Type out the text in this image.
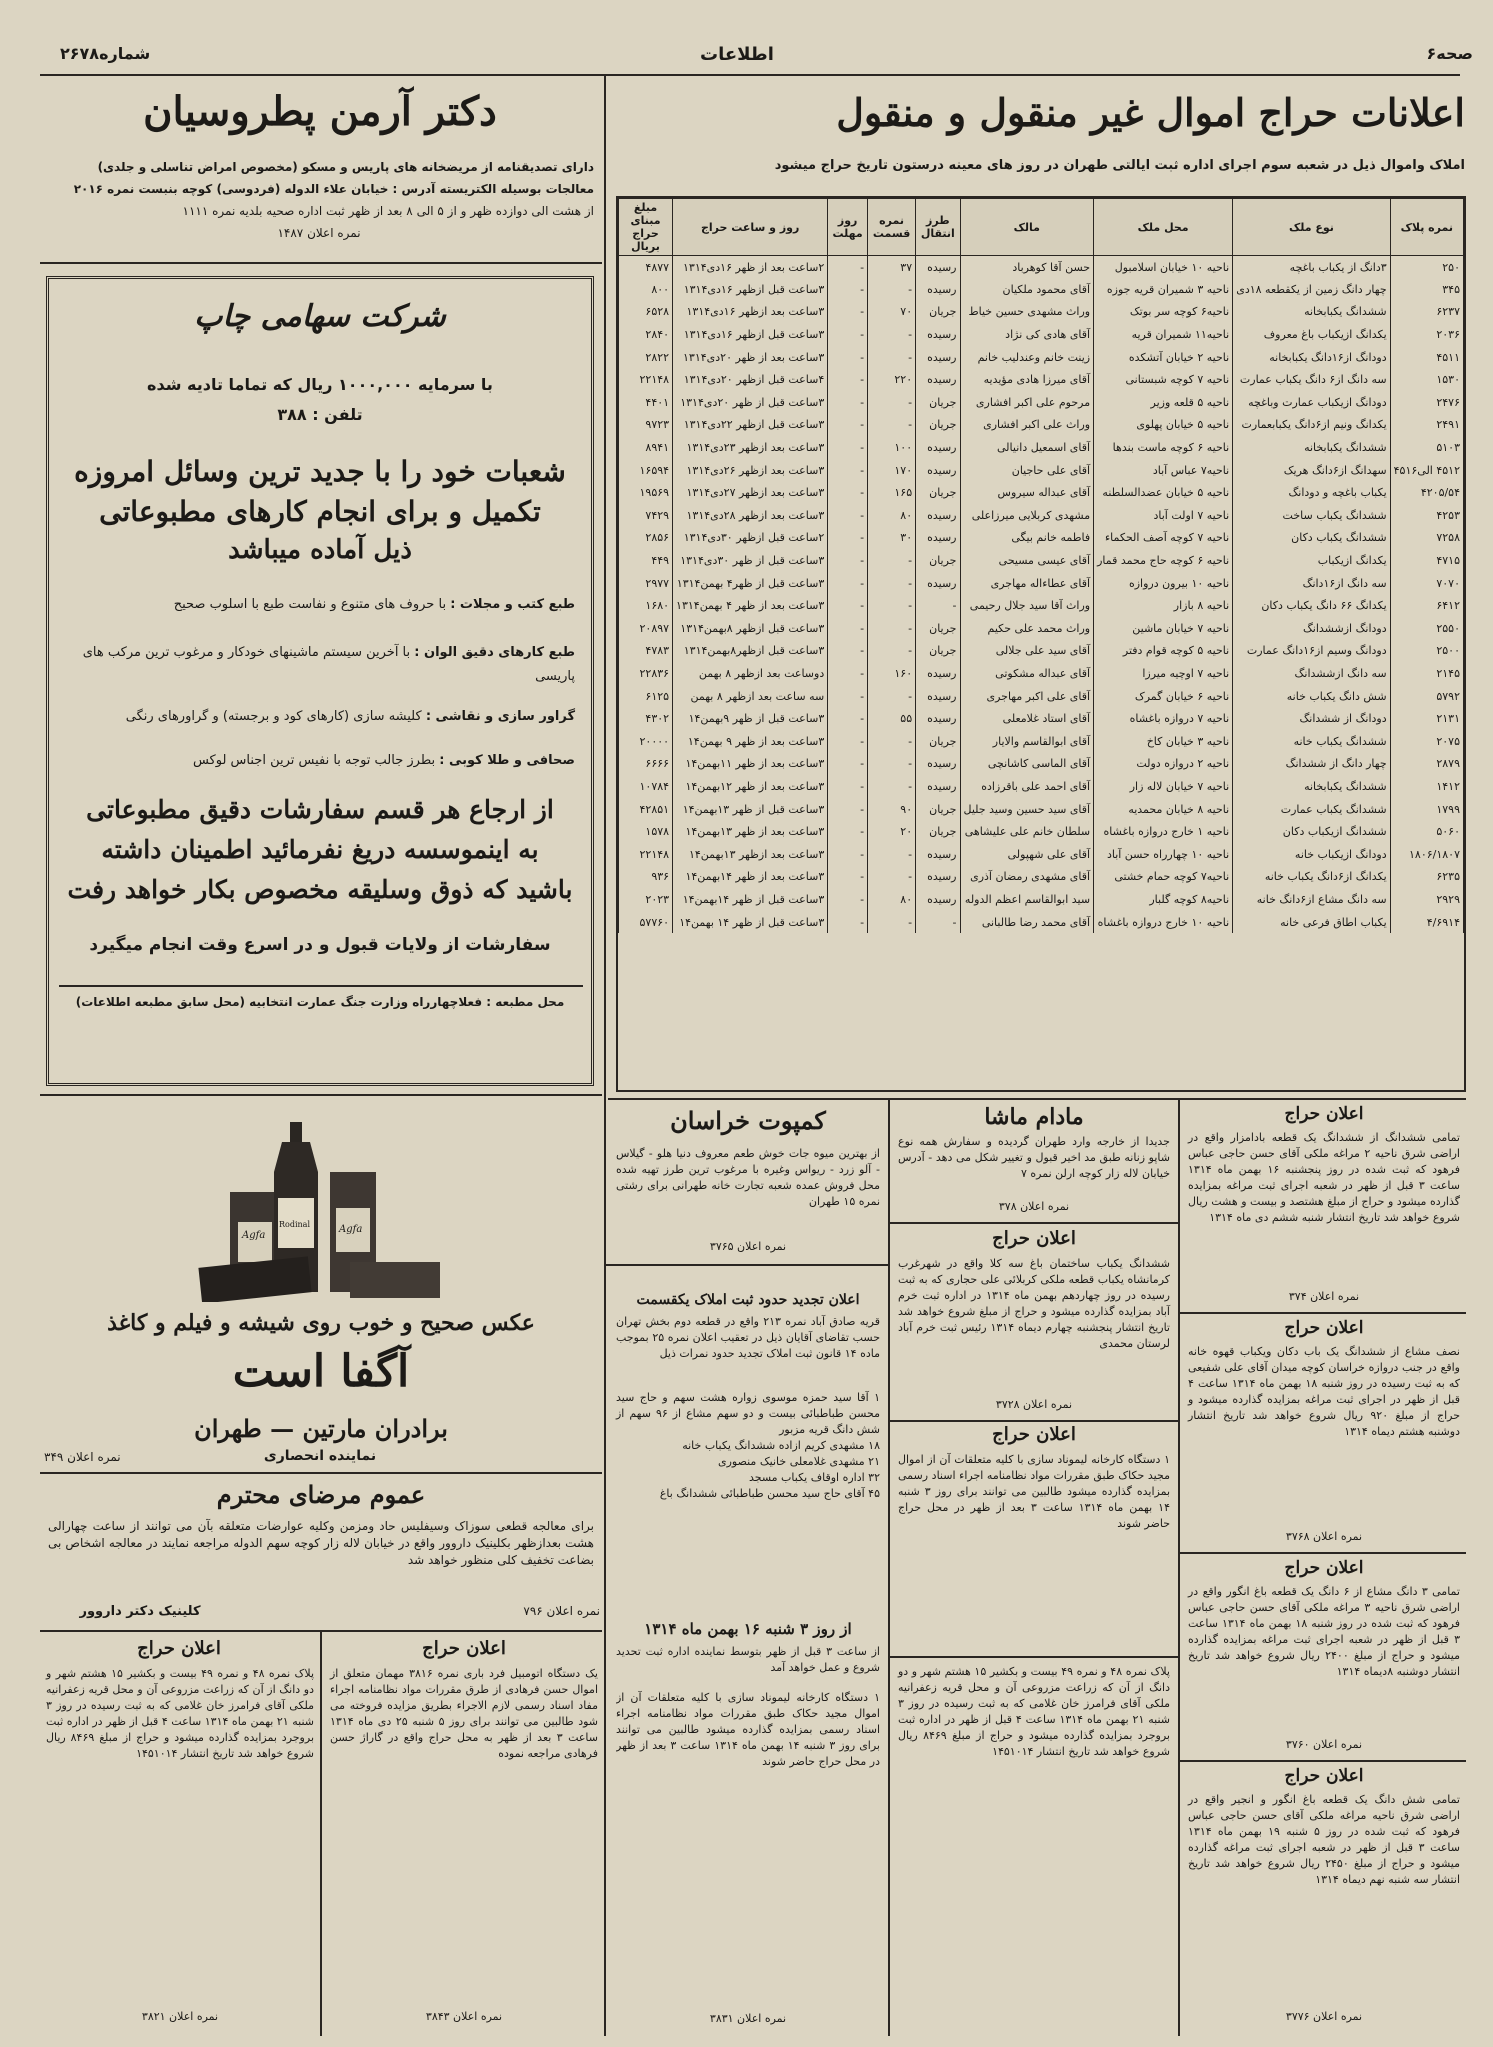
صحه۶
اطلاعات
شماره۲۶۷۸
اعلانات حراج اموال غیر منقول و منقول
املاک واموال ذیل در شعبه سوم اجرای اداره ثبت ایالتی طهران در روز های معینه درستون تاریخ حراج میشود
نمره پلاک	نوع ملک	محل ملک	مالک	طرز انتقال	نمره قسمت	روز مهلت	روز و ساعت حراج	مبلغ مبنای حراج بریال
۲۵۰	۳دانگ از یکباب باغچه	ناحیه ۱۰ خیابان اسلامبول	حسن آقا کوهرباد	رسیده	۳۷	-	۲ساعت بعد از ظهر ۱۶دی۱۳۱۴	۴۸۷۷
۳۴۵	چهار دانگ زمین از یکقطعه ۱۸دی	ناحیه ۳ شمیران قریه جوزه	آقای محمود ملکیان	رسیده	-	-	۳ساعت قبل ازظهر ۱۶دی۱۳۱۴	۸۰۰
۶۲۳۷	ششدانگ یکبابخانه	ناحیه۶ کوچه سر بوتک	وراث مشهدی حسین خیاط	جریان	۷۰	-	۳ساعت بعد ازظهر ۱۶دی۱۳۱۴	۶۵۲۸
۲۰۳۶	یکدانگ ازیکباب باغ معروف	ناحیه۱۱ شمیران قریه	آقای هادی کی نژاد	رسیده	-	-	۳ساعت قبل ازظهر ۱۶دی۱۳۱۴	۲۸۴۰
۴۵۱۱	دودانگ از۱۶دانگ یکبابخانه	ناحیه ۲ خیابان آتشکده	زینت خانم وعندلیب خانم	رسیده	-	-	۳ساعت بعد از ظهر ۲۰دی۱۳۱۴	۲۸۲۲
۱۵۳۰	سه دانگ از۶ دانگ یکباب عمارت	ناحیه ۷ کوچه شبستانی	آقای میرزا هادی مؤیدیه	رسیده	۲۲۰	-	۴ساعت قبل ازظهر ۲۰دی۱۳۱۴	۲۲۱۴۸
۲۴۷۶	دودانگ ازیکباب عمارت وباغچه	ناحیه ۵ قلعه وزیر	مرحوم علی اکبر افشاری	جریان	-	-	۳ساعت قبل از ظهر ۲۰دی۱۳۱۴	۴۴۰۱
۲۴۹۱	یکدانگ ونیم از۶دانگ یکبابعمارت	ناحیه ۵ خیابان پهلوی	وراث علی اکبر افشاری	جریان	-	-	۳ساعت قبل ازظهر ۲۲دی۱۳۱۴	۹۷۲۳
۵۱۰۳	ششدانگ یکبابخانه	ناحیه ۶ کوچه ماست بندها	آقای اسمعیل دانیالی	رسیده	۱۰۰	-	۳ساعت بعد ازظهر ۲۳دی۱۳۱۴	۸۹۴۱
۴۵۱۲ الی۴۵۱۶	سهدانگ از۶دانگ هریک	ناحیه۷ عباس آباد	آقای علی حاجیان	رسیده	۱۷۰	-	۳ساعت بعد ازظهر ۲۶دی۱۳۱۴	۱۶۵۹۴
۴۲۰۵/۵۴	یکباب باغچه و دودانگ	ناحیه ۵ خیابان عضدالسلطنه	آقای عبداله سیروس	جریان	۱۶۵	-	۳ساعت بعد ازظهر ۲۷دی۱۳۱۴	۱۹۵۶۹
۴۲۵۳	ششدانگ یکباب ساخت	ناحیه ۷ اولت آباد	مشهدی کربلایی میرزاعلی	رسیده	۸۰	-	۳ساعت بعد ازظهر ۲۸دی۱۳۱۴	۷۴۲۹
۷۲۵۸	ششدانگ یکباب دکان	ناحیه ۷ کوچه آصف الحکماء	فاطمه خانم بیگی	رسیده	۳۰	-	۲ساعت قبل ازظهر ۳۰دی۱۳۱۴	۲۸۵۶
۴۷۱۵	یکدانگ ازیکباب	ناحیه ۶ کوچه حاج محمد قمار	آقای عیسی مسیحی	جریان	-	-	۳ساعت قبل از ظهر ۳۰دی۱۳۱۴	۴۴۹
۷۰۷۰	سه دانگ از۱۶دانگ	ناحیه ۱۰ بیرون دروازه	آقای عطاءاله مهاجری	رسیده	-	-	۳ساعت قبل از ظهر۴ بهمن۱۳۱۴	۲۹۷۷
۶۴۱۲	یکدانگ ۶۶ دانگ یکباب دکان	ناحیه ۸ بازار	وراث آقا سید جلال رحیمی	-	-	-	۳ساعت بعد از ظهر ۴ بهمن۱۳۱۴	۱۶۸۰
۲۵۵۰	دودانگ ازششدانگ	ناحیه ۷ خیابان ماشین	وراث محمد علی حکیم	جریان	-	-	۳ساعت قبل ازظهر ۸بهمن۱۳۱۴	۲۰۸۹۷
۲۵۰۰	دودانگ وسیم از۱۶دانگ عمارت	ناحیه ۵ کوچه قوام دفتر	آقای سید علی جلالی	جریان	-	-	۳ساعت قبل ازظهر۸بهمن۱۳۱۴	۴۷۸۳
۲۱۴۵	سه دانگ ازششدانگ	ناحیه ۷ اوچیه میرزا	آقای عبداله مشکوتی	رسیده	۱۶۰	-	دوساعت بعد ازظهر ۸ بهمن	۲۲۸۳۶
۵۷۹۲	شش دانگ یکباب خانه	ناحیه ۶ خیابان گمرک	آقای علی اکبر مهاجری	رسیده	-	-	سه ساعت بعد ازظهر ۸ بهمن	۶۱۲۵
۲۱۳۱	دودانگ از ششدانگ	ناحیه ۷ دروازه باغشاه	آقای استاد غلامعلی	رسیده	۵۵	-	۳ساعت قبل از ظهر ۹بهمن۱۴	۴۳۰۲
۲۰۷۵	ششدانگ یکباب خانه	ناحیه ۳ خیابان کاخ	آقای ابوالقاسم والایار	جریان	-	-	۳ساعت بعد از ظهر ۹ بهمن۱۴	۲۰۰۰۰
۲۸۷۹	چهار دانگ از ششدانگ	ناحیه ۲ دروازه دولت	آقای الماسی کاشانچی	رسیده	-	-	۳ساعت بعد از ظهر ۱۱بهمن۱۴	۶۶۶۶
۱۴۱۲	ششدانگ یکبابخانه	ناحیه ۷ خیابان لاله زار	آقای احمد علی باقرزاده	رسیده	-	-	۳ساعت بعد از ظهر ۱۲بهمن۱۴	۱۰۷۸۴
۱۷۹۹	ششدانگ یکباب عمارت	ناحیه ۸ خیابان محمدیه	آقای سید حسین وسید جلیل	جریان	۹۰	-	۳ساعت قبل از ظهر ۱۳بهمن۱۴	۴۲۸۵۱
۵۰۶۰	ششدانگ ازیکباب دکان	ناحیه ۱ خارج دروازه باغشاه	سلطان خانم علی علیشاهی	جریان	۲۰	-	۳ساعت بعد از ظهر ۱۳بهمن۱۴	۱۵۷۸
۱۸۰۶/۱۸۰۷	دودانگ ازیکباب خانه	ناحیه ۱۰ چهارراه حسن آباد	آقای علی شهپولی	رسیده	-	-	۳ساعت بعد ازظهر ۱۳بهمن۱۴	۲۲۱۴۸
۶۲۳۵	یکدانگ از۶دانگ یکباب خانه	ناحیه۷ کوچه حمام خشتی	آقای مشهدی رمضان آذری	رسیده	-	-	۳ساعت بعد از ظهر ۱۴بهمن۱۴	۹۳۶
۲۹۲۹	سه دانگ مشاع از۶دانگ خانه	ناحیه۸ کوچه گلبار	سید ابوالقاسم اعظم الدوله	رسیده	۸۰	-	۳ساعت قبل از ظهر ۱۴بهمن۱۴	۲۰۲۳
۴/۶۹۱۴	یکباب اطاق فرعی خانه	ناحیه ۱۰ خارج دروازه باغشاه	آقای محمد رضا طالبانی	-	-	-	۳ساعت قبل از ظهر ۱۴ بهمن۱۴	۵۷۷۶۰
دکتر آرمن پطروسیان
دارای تصدیقنامه از مریضخانه های پاریس و مسکو (مخصوص امراض تناسلی و جلدی)
معالجات بوسیله الکتریسته آدرس : خیابان علاء الدوله (فردوسی) کوچه بنبست نمره ۲۰۱۶
از هشت الی دوازده ظهر و از ۵ الی ۸ بعد از ظهر ثبت اداره صحیه بلدیه نمره ۱۱۱۱
نمره اعلان ۱۴۸۷
شرکت سهامی چاپ
با سرمایه ۱۰۰۰,۰۰۰ ریال که تماما تادیه شده
تلفن : ۳۸۸
شعبات خود را با جدید ترین وسائل امروزه
تکمیل و برای انجام کارهای مطبوعاتی
ذیل آماده میباشد
طبع کتب و مجلات : با حروف های متنوع و نفاست طبع با اسلوب صحیح
طبع کارهای دقیق الوان : با آخرین سیستم ماشینهای خودکار و مرغوب ترین مرکب های پاریسی
گراور سازی و نقاشی : کلیشه سازی (کارهای کود و برجسته) و گراورهای رنگی
صحافی و طلا کوبی : بطرز جالب توجه با نفیس ترین اجناس لوکس
از ارجاع هر قسم سفارشات دقیق مطبوعاتی
به اینموسسه دریغ نفرمائید اطمینان داشته
باشید که ذوق وسلیقه مخصوص بکار خواهد رفت
سفارشات از ولایات قبول و در اسرع وقت انجام میگیرد
محل مطبعه : فعلاچهارراه وزارت جنگ عمارت انتخابیه (محل سابق مطبعه اطلاعات)
Agfa
Rodinal	Agfa
عکس صحیح و خوب روی شیشه و فیلم و کاغذ
آگفا است
برادران مارتین — طهران
نماینده انحصاری
نمره اعلان ۳۴۹
عموم مرضای محترم
برای معالجه قطعی سوزاک وسیفلیس حاد ومزمن وکلیه عوارضات متعلقه بآن می توانند از ساعت چهارالی هشت بعدازظهر بکلینیک داروور واقع در خیابان لاله زار کوچه سهم الدوله مراجعه نمایند در معالجه اشخاص بی بضاعت تخفیف کلی منظور خواهد شد
کلینیک دکتر داروور	نمره اعلان ۷۹۶
اعلان حراج
پلاک نمره ۴۸ و نمره ۴۹ بیست و بکشیر ۱۵ هشتم شهر و دو دانگ از آن که زراعت مزروعی آن و محل قریه زعفرانیه ملکی آقای فرامرز خان غلامی که به ثبت رسیده در روز ۳ شنبه ۲۱ بهمن ماه ۱۳۱۴ ساعت ۴ قبل از ظهر در اداره ثبت بروجرد بمزایده گذارده میشود و حراج از مبلغ ۸۴۶۹ ریال شروع خواهد شد تاریخ انتشار ۱۴۵۱۰۱۴
نمره اعلان ۳۸۲۱
اعلان حراج
یک دستگاه اتومبیل فرد باری نمره ۳۸۱۶ مهمان متعلق از اموال حسن فرهادی از طرق مقررات مواد نظامنامه اجراء مفاد اسناد رسمی لازم الاجراء بطریق مزایده فروخته می شود طالبین می توانند برای روز ۵ شنبه ۲۵ دی ماه ۱۳۱۴ ساعت ۳ بعد از ظهر به محل حراج واقع در گاراژ حسن فرهادی مراجعه نموده
نمره اعلان ۳۸۴۳
کمپوت خراسان
از بهترین میوه جات خوش طعم معروف دنیا هلو - گیلاس - آلو زرد - ریواس وغیره با مرغوب ترین طرز تهیه شده محل فروش عمده شعبه تجارت خانه طهرانی برای رشتی نمره ۱۵ طهران
نمره اعلان ۳۷۶۵
اعلان تجدید حدود ثبت املاک یکقسمت
قریه صادق آباد نمره ۲۱۳ واقع در قطعه دوم بخش تهران حسب تقاضای آقایان ذیل در تعقیب اعلان نمره ۲۵ بموجب ماده ۱۴ قانون ثبت املاک تجدید حدود نمرات ذیل
۱ آقا سید حمزه موسوی زواره هشت سهم و حاج سید محسن طباطبائی بیست و دو سهم مشاع از ۹۶ سهم از شش دانگ قریه مزبور
۱۸ مشهدی کریم ازاده ششدانگ یکباب خانه
۲۱ مشهدی غلامعلی خانیک منصوری
۳۲ اداره اوقاف یکباب مسجد
۴۵ آقای حاج سید محسن طباطبائی ششدانگ باغ
از روز ۳ شنبه ۱۶ بهمن ماه ۱۳۱۴
از ساعت ۳ قبل از ظهر بتوسط نماینده اداره ثبت تحدید شروع و عمل خواهد آمد
۱ دستگاه کارخانه لیموناد سازی با کلیه متعلقات آن از اموال مجید حکاک طبق مقررات مواد نظامنامه اجراء اسناد رسمی بمزایده گذارده میشود طالبین می توانند برای روز ۳ شنبه ۱۴ بهمن ماه ۱۳۱۴ ساعت ۳ بعد از ظهر در محل حراج حاضر شوند
نمره اعلان ۳۸۳۱
مادام ماشا
جدیدا از خارجه وارد طهران گردیده و سفارش همه نوع شاپو زنانه طبق مد اخیر قبول و تغییر شکل می دهد - آدرس خیابان لاله زار کوچه ارلن نمره ۷
نمره اعلان ۳۷۸
اعلان حراج
ششدانگ یکباب ساختمان باغ سه کلا واقع در شهرغرب کرمانشاه یکباب قطعه ملکی کربلائی علی حجاری که به ثبت رسیده در روز چهاردهم بهمن ماه ۱۳۱۴ در اداره ثبت خرم آباد بمزایده گذارده میشود و حراج از مبلغ شروع خواهد شد تاریخ انتشار پنجشنبه چهارم دیماه ۱۳۱۴ رئیس ثبت خرم آباد لرستان محمدی
نمره اعلان ۳۷۲۸
اعلان حراج
۱ دستگاه کارخانه لیموناد سازی با کلیه متعلقات آن از اموال مجید حکاک طبق مقررات مواد نظامنامه اجراء اسناد رسمی بمزایده گذارده میشود طالبین می توانند برای روز ۳ شنبه ۱۴ بهمن ماه ۱۳۱۴ ساعت ۳ بعد از ظهر در محل حراج حاضر شوند
پلاک نمره ۴۸ و نمره ۴۹ بیست و بکشیر ۱۵ هشتم شهر و دو دانگ از آن که زراعت مزروعی آن و محل قریه زعفرانیه ملکی آقای فرامرز خان غلامی که به ثبت رسیده در روز ۳ شنبه ۲۱ بهمن ماه ۱۳۱۴ ساعت ۴ قبل از ظهر در اداره ثبت بروجرد بمزایده گذارده میشود و حراج از مبلغ ۸۴۶۹ ریال شروع خواهد شد تاریخ انتشار ۱۴۵۱۰۱۴
اعلان حراج
تمامی ششدانگ از ششدانگ یک قطعه بادامزار واقع در اراضی شرق ناحیه ۲ مراغه ملکی آقای حسن حاجی عباس فرهود که ثبت شده در روز پنجشنبه ۱۶ بهمن ماه ۱۳۱۴ ساعت ۳ قبل از ظهر در شعبه اجرای ثبت مراغه بمزایده گذارده میشود و حراج از مبلغ هشتصد و بیست و هشت ریال شروع خواهد شد تاریخ انتشار شنبه ششم دی ماه ۱۳۱۴
نمره اعلان ۳۷۴
اعلان حراج
نصف مشاع از ششدانگ یک باب دکان ویکباب قهوه خانه واقع در جنب دروازه خراسان کوچه میدان آقای علی شفیعی که به ثبت رسیده در روز شنبه ۱۸ بهمن ماه ۱۳۱۴ ساعت ۴ قبل از ظهر در اجرای ثبت مراغه بمزایده گذارده میشود و حراج از مبلغ ۹۲۰ ریال شروع خواهد شد تاریخ انتشار دوشنبه هشتم دیماه ۱۳۱۴
نمره اعلان ۳۷۶۸
اعلان حراج
تمامی ۳ دانگ مشاع از ۶ دانگ یک قطعه باغ انگور واقع در اراضی شرق ناحیه ۳ مراغه ملکی آقای حسن حاجی عباس فرهود که ثبت شده در روز شنبه ۱۸ بهمن ماه ۱۳۱۴ ساعت ۳ قبل از ظهر در شعبه اجرای ثبت مراغه بمزایده گذارده میشود و حراج از مبلغ ۲۴۰۰ ریال شروع خواهد شد تاریخ انتشار دوشنبه ۸دیماه ۱۳۱۴
نمره اعلان ۳۷۶۰
اعلان حراج
تمامی شش دانگ یک قطعه باغ انگور و انجیر واقع در اراضی شرق ناحیه مراغه ملکی آقای حسن حاجی عباس فرهود که ثبت شده در روز ۵ شنبه ۱۹ بهمن ماه ۱۳۱۴ ساعت ۳ قبل از ظهر در شعبه اجرای ثبت مراغه گذارده میشود و حراج از مبلغ ۲۴۵۰ ریال شروع خواهد شد تاریخ انتشار سه شنبه نهم دیماه ۱۳۱۴
نمره اعلان ۳۷۷۶
